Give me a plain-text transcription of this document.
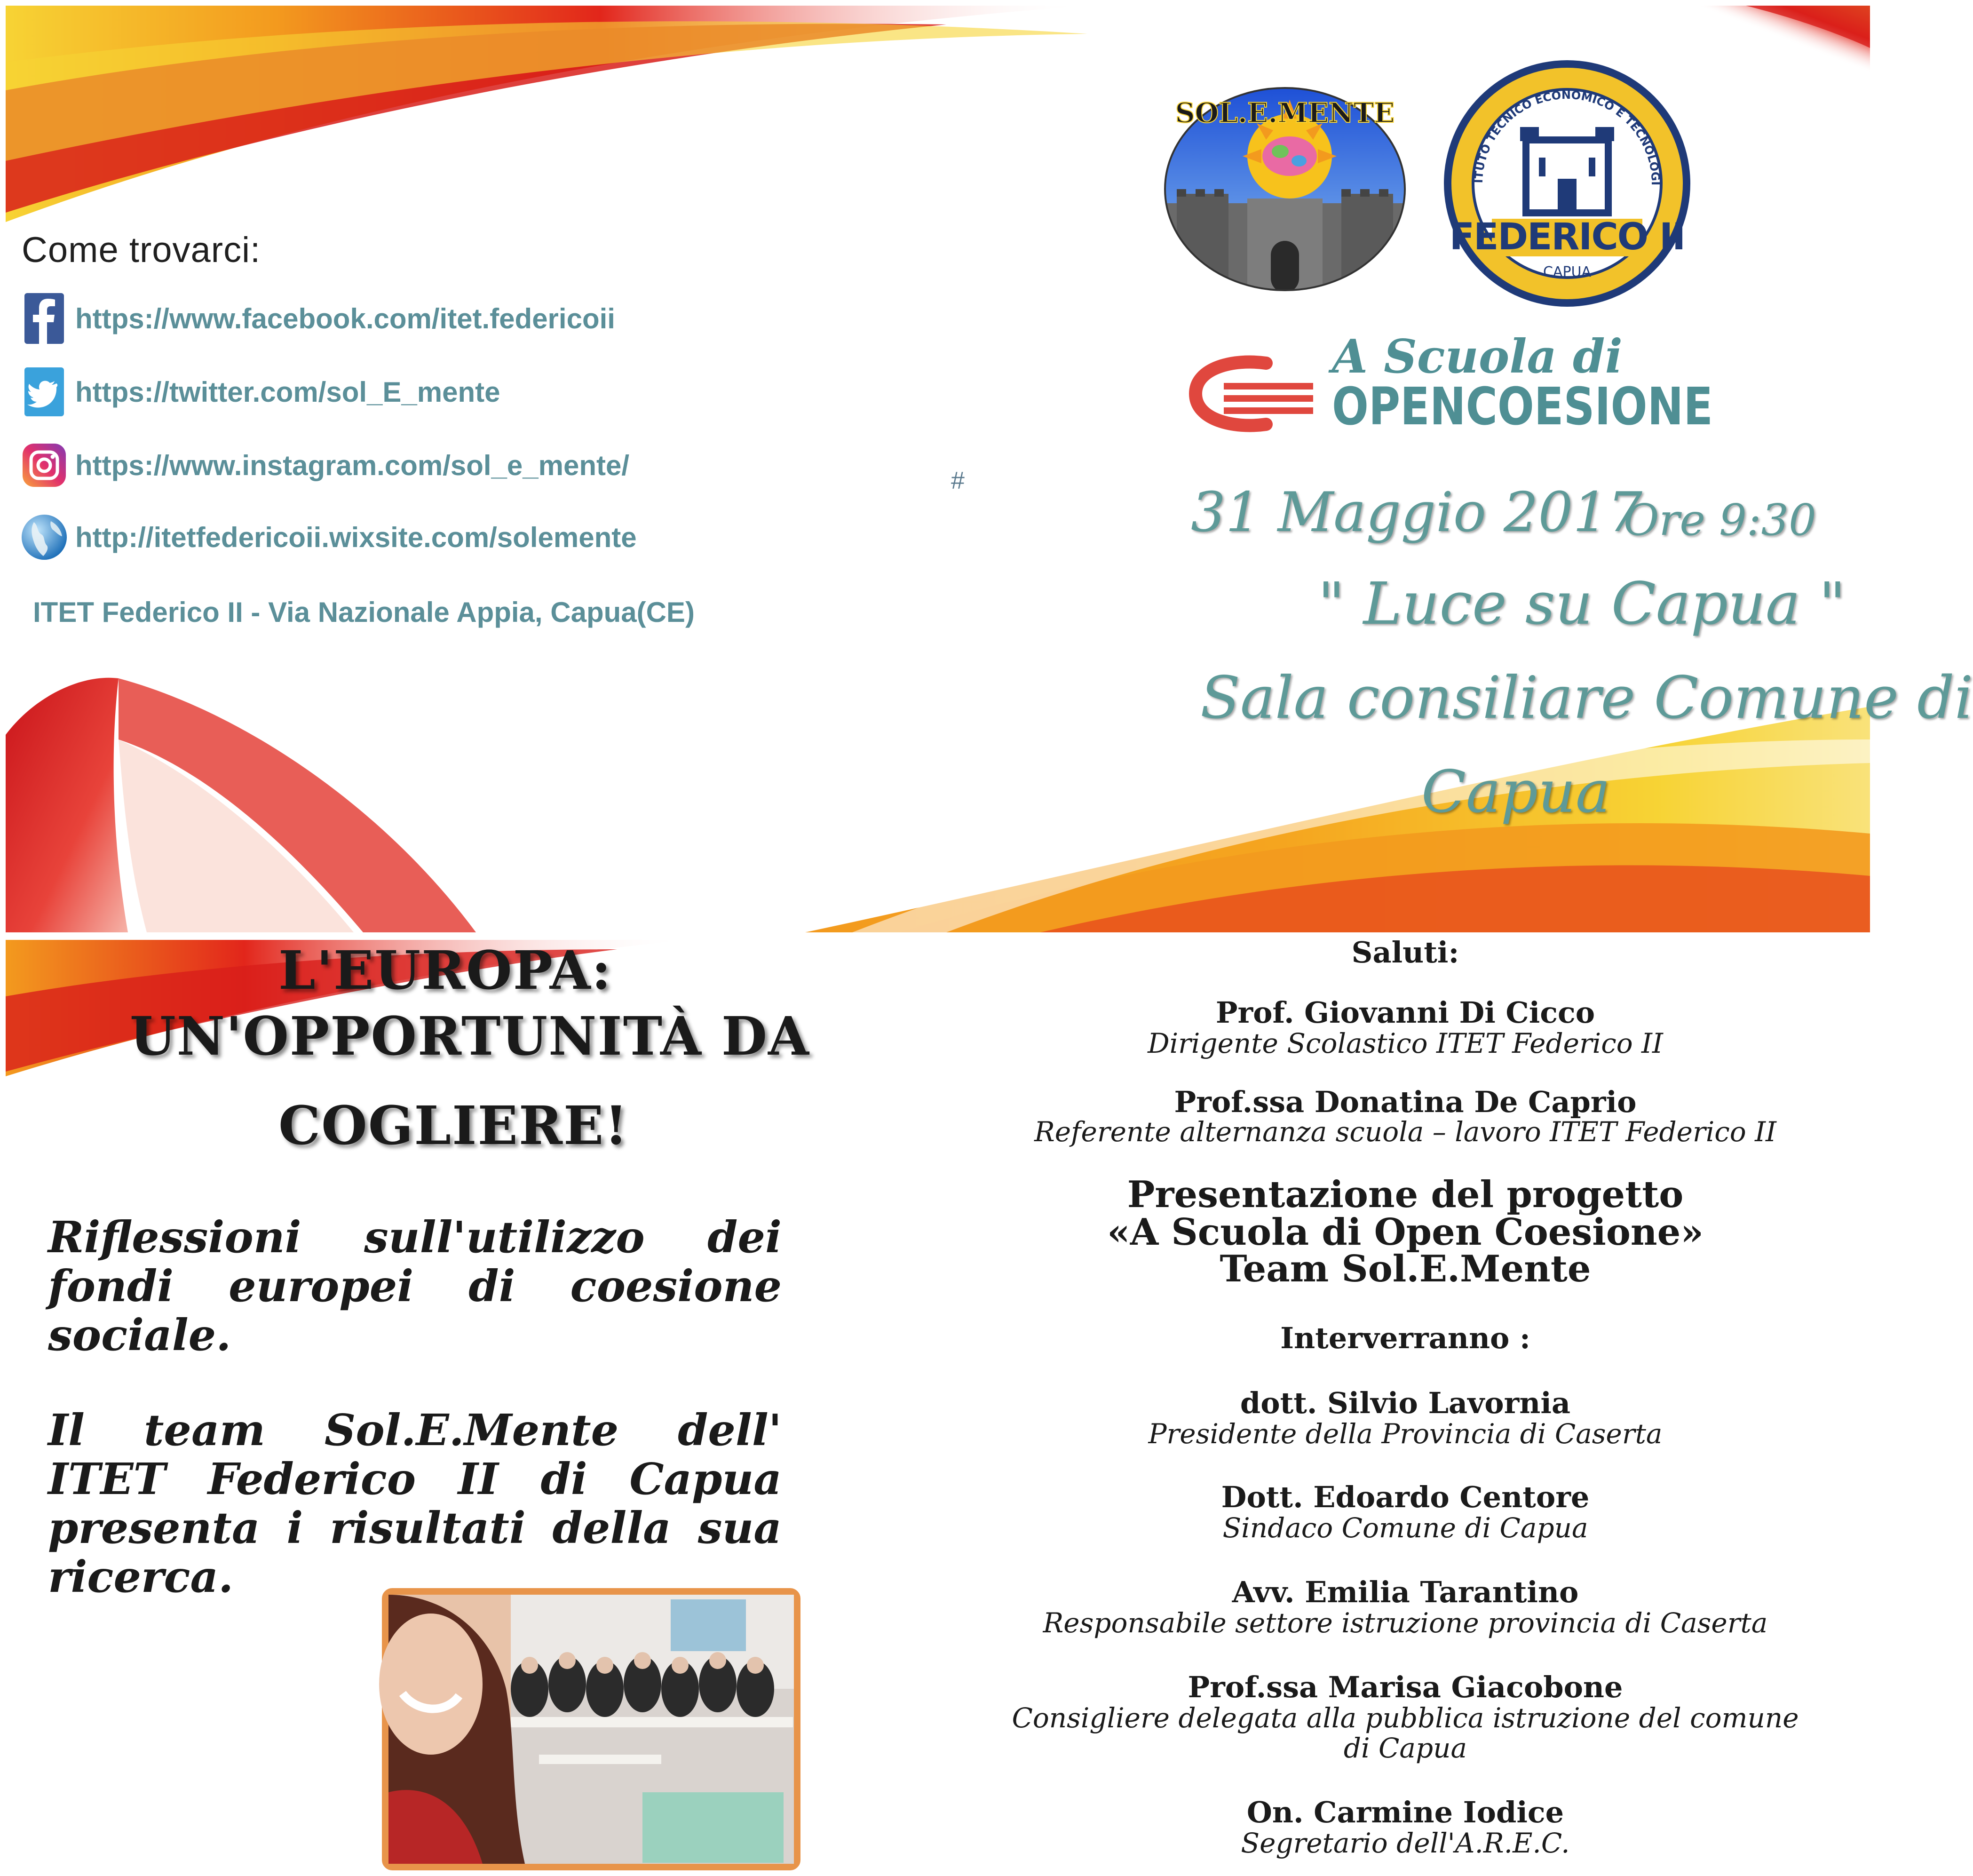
Come trovarci:
https://www.facebook.com/itet.federicoii
https://twitter.com/sol_E_mente
https://www.instagram.com/sol_e_mente/
http://itetfedericoii.wixsite.com/solemente
ITET Federico II - Via Nazionale Appia, Capua(CE)
#
SOL.E.MENTE
ITUTO TECNICO ECONOMICO E TECNOLOGI
FEDERICO II
CAPUA
A Scuola di
OPENCOESIONE
31 Maggio 2017
Ore 9:30
" Luce su Capua "
Sala consiliare Comune di
Capua
L'EUROPA:
UN'OPPORTUNITÀ DA
COGLIERE!
Riflessioni sull'utilizzo dei fondi europei di coesione sociale.
Il team Sol.E.Mente dell' ITET Federico II di Capua presenta i risultati della sua ricerca.
Saluti:
Prof. Giovanni Di Cicco
Dirigente Scolastico ITET Federico II
Prof.ssa Donatina De Caprio
Referente alternanza scuola – lavoro ITET Federico II
Presentazione del progetto
«A Scuola di Open Coesione»
Team Sol.E.Mente
Interverranno :
dott. Silvio Lavornia
Presidente della Provincia di Caserta
Dott. Edoardo Centore
Sindaco Comune di Capua
Avv. Emilia Tarantino
Responsabile settore istruzione provincia di Caserta
Prof.ssa Marisa Giacobone
Consigliere delegata alla pubblica istruzione del comune
di Capua
On. Carmine Iodice
Segretario dell'A.R.E.C.
